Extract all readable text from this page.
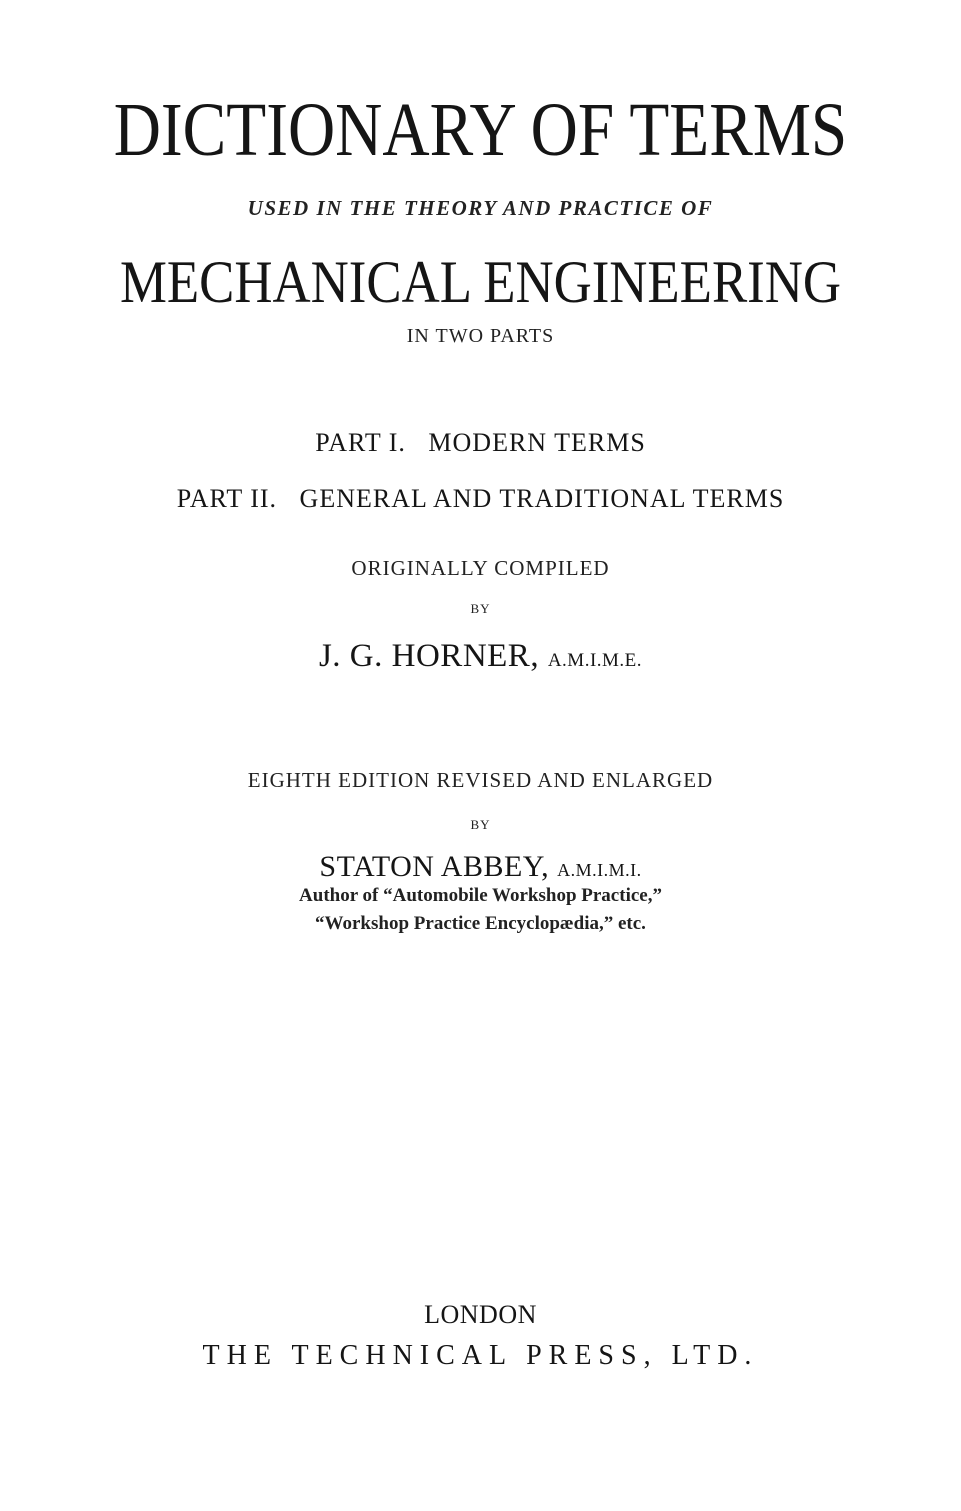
DICTIONARY OF TERMS
USED IN THE THEORY AND PRACTICE OF
MECHANICAL ENGINEERING
IN TWO PARTS
PART I.   MODERN TERMS
PART II.   GENERAL AND TRADITIONAL TERMS
ORIGINALLY COMPILED
BY
J. G. HORNER, A.M.I.M.E.
EIGHTH EDITION REVISED AND ENLARGED
BY
STATON ABBEY, A.M.I.M.I.
Author of “Automobile Workshop Practice,”
“Workshop Practice Encyclopædia,” etc.
LONDON
THE TECHNICAL PRESS, LTD.
